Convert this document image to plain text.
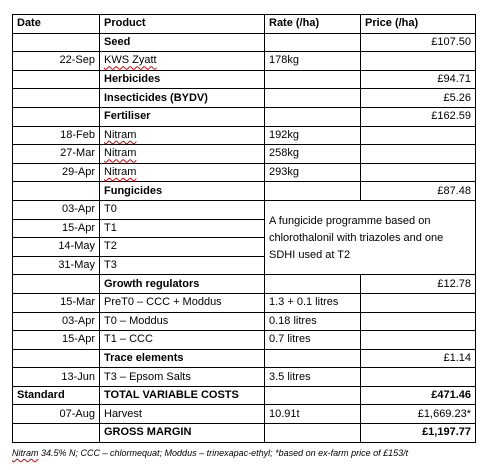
Date	Product	Rate (/ha)	Price (/ha)
	Seed		£107.50
22-Sep	KWS Zyatt	178kg	
	Herbicides		£94.71
	Insecticides (BYDV)		£5.26
	Fertiliser		£162.59
18-Feb	Nitram	192kg	
27-Mar	Nitram	258kg	
29-Apr	Nitram	293kg	
	Fungicides		£87.48
03-Apr	T0	A fungicide programme based on chlorothalonil with triazoles and one SDHI used at T2	

15-Apr	T1		
14-May	T2		
31-May	T3		
	Growth regulators		£12.78
15-Mar	PreT0 – CCC + Moddus	1.3 + 0.1 litres	
03-Apr	T0 – Moddus	0.18 litres	
15-Apr	T1 – CCC	0.7 litres	
	Trace elements		£1.14
13-Jun	T3 – Epsom Salts	3.5 litres	
Standard	TOTAL VARIABLE COSTS		£471.46
07-Aug	Harvest	10.91t	£1,669.23*
	GROSS MARGIN		£1,197.77
Nitram 34.5% N; CCC – chlormequat; Moddus – trinexapac-ethyl; *based on ex-farm price of £153/t
